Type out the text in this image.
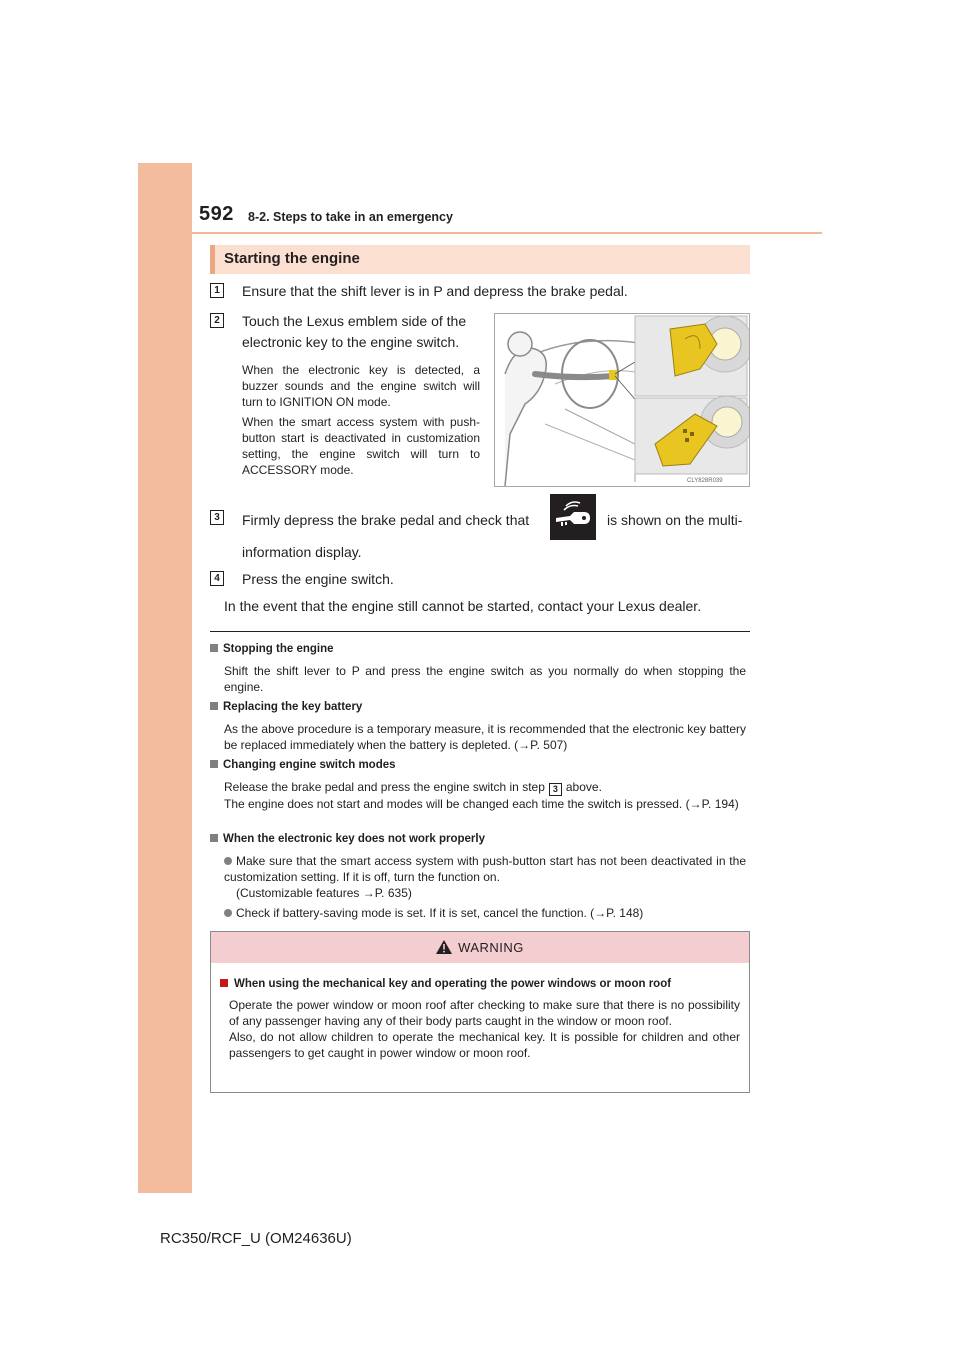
592 8-2. Steps to take in an emergency
Starting the engine
1	Ensure that the shift lever is in P and depress the brake pedal.
2	Touch the Lexus emblem side of the
electronic key to the engine switch.
When the electronic key is detected, a buzzer sounds and the engine switch will turn to IGNITION ON mode.
When the smart access system with push-button start is deactivated in customization setting, the engine switch will turn to ACCESSORY mode.
CLY828R039
3	Firmly depress the brake pedal and check that	is shown on the multi-
information display.
4	Press the engine switch.
In the event that the engine still cannot be started, contact your Lexus dealer.
Stopping the engine
Shift the shift lever to P and press the engine switch as you normally do when stopping the engine.
Replacing the key battery
As the above procedure is a temporary measure, it is recommended that the electronic key battery be replaced immediately when the battery is depleted. (→P. 507)
Changing engine switch modes
Release the brake pedal and press the engine switch in step 3 above.
The engine does not start and modes will be changed each time the switch is pressed. (→P. 194)
When the electronic key does not work properly
Make sure that the smart access system with push-button start has not been deactivated in the customization setting. If it is off, turn the function on.
(Customizable features →P. 635)
Check if battery-saving mode is set. If it is set, cancel the function. (→P. 148)
WARNING
When using the mechanical key and operating the power windows or moon roof
Operate the power window or moon roof after checking to make sure that there is no possibility of any passenger having any of their body parts caught in the window or moon roof.
Also, do not allow children to operate the mechanical key. It is possible for children and other passengers to get caught in power window or moon roof.
RC350/RCF_U (OM24636U)
